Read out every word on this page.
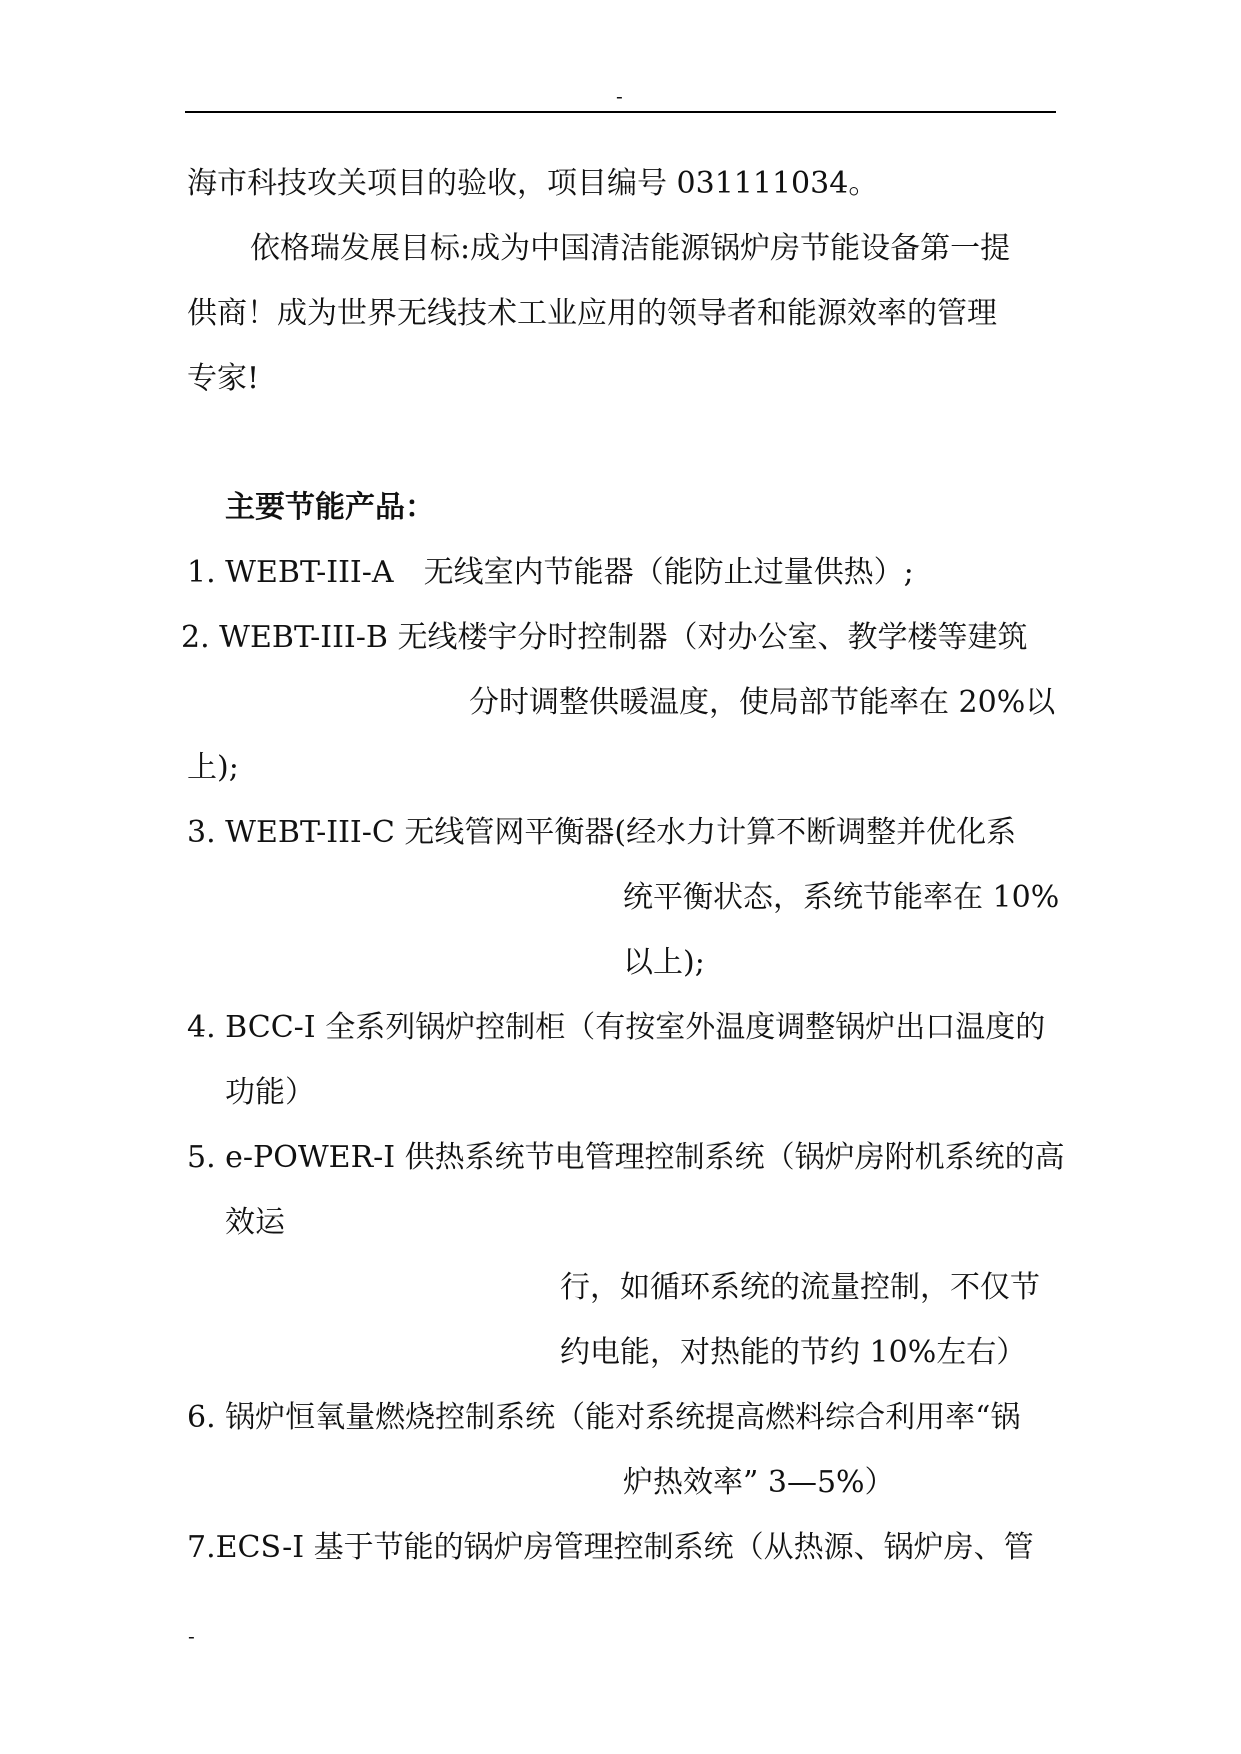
-
海市科技攻关项目的验收，项目编号 031111034。
依格瑞发展目标:成为中国清洁能源锅炉房节能设备第一提
供商！成为世界无线技术工业应用的领导者和能源效率的管理
专家!
主要节能产品：
1. WEBT-III-A　无线室内节能器（能防止过量供热）;
2. WEBT-III-B 无线楼宇分时控制器（对办公室、教学楼等建筑
分时调整供暖温度，使局部节能率在 20%以
上);
3. WEBT-III-C 无线管网平衡器(经水力计算不断调整并优化系
统平衡状态，系统节能率在 10%
以上);
4. BCC-I 全系列锅炉控制柜（有按室外温度调整锅炉出口温度的
功能）
5. e-POWER-I 供热系统节电管理控制系统（锅炉房附机系统的高
效运
行，如循环系统的流量控制，不仅节
约电能，对热能的节约 10%左右）
6. 锅炉恒氧量燃烧控制系统（能对系统提高燃料综合利用率“锅
炉热效率” 3—5%）
7.ECS-I 基于节能的锅炉房管理控制系统（从热源、锅炉房、管
-
